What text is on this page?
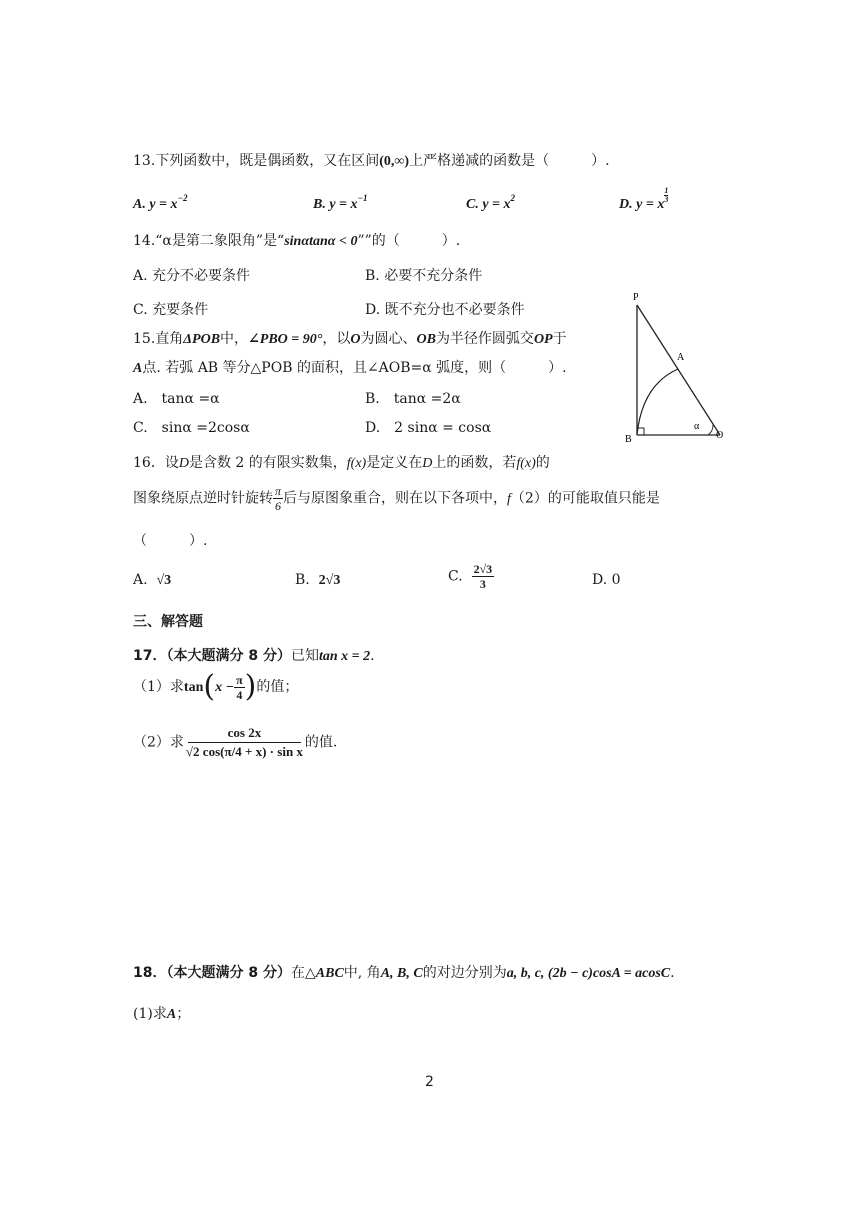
13.下列函数中，既是偶函数，又在区间(0,∞)上严格递减的函数是（　　　）.
A. $y = x^{-2}$	B. $y = x^{-1}$	C. $y = x^2$	D. y = x
$\frac{1}{3}$
14.“α是第二象限角”是“sinαtanα < 0””的（　　　）.
A. 充分不必要条件	B. 必要不充分条件
C. 充要条件	D. 既不充分也不必要条件
15.直角ΔPOB中，∠PBO = 90°，以O为圆心、OB为半径作圆弧交OP于
A点. 若弧 AB 等分△POB 的面积，且∠AOB=α 弧度，则（　　　）.
A.　tanα =α	B.　tanα =2α
C.　sinα =2cosα	D.　2 sinα = cosα
P
A
B	O
α
16．设D是含数 2 的有限实数集，f(x)是定义在D上的函数，若f(x)的
图象绕原点逆时针旋转 $\frac{\pi}{6}$ 后与原图象重合，则在以下各项中，f（2）的可能取值只能是
（　　　）.
A. √3	B. 2√3	C. $\frac{2√3}{3}$	D. 0
三、解答题
17．（本大题满分 8 分）已知tan x = 2.
（1）求$\tan(x - \frac{\pi}{4}$ )的值；
（2）求 $\frac{\cos 2x}{\text{√2 cos(π/4 + x) · sin x}}$ 的值.
18．（本大题满分 8 分）在△ABC中, 角A, B, C的对边分别为a, b, c, (2b − c)cosA = acosC.
(1)求A；
2
